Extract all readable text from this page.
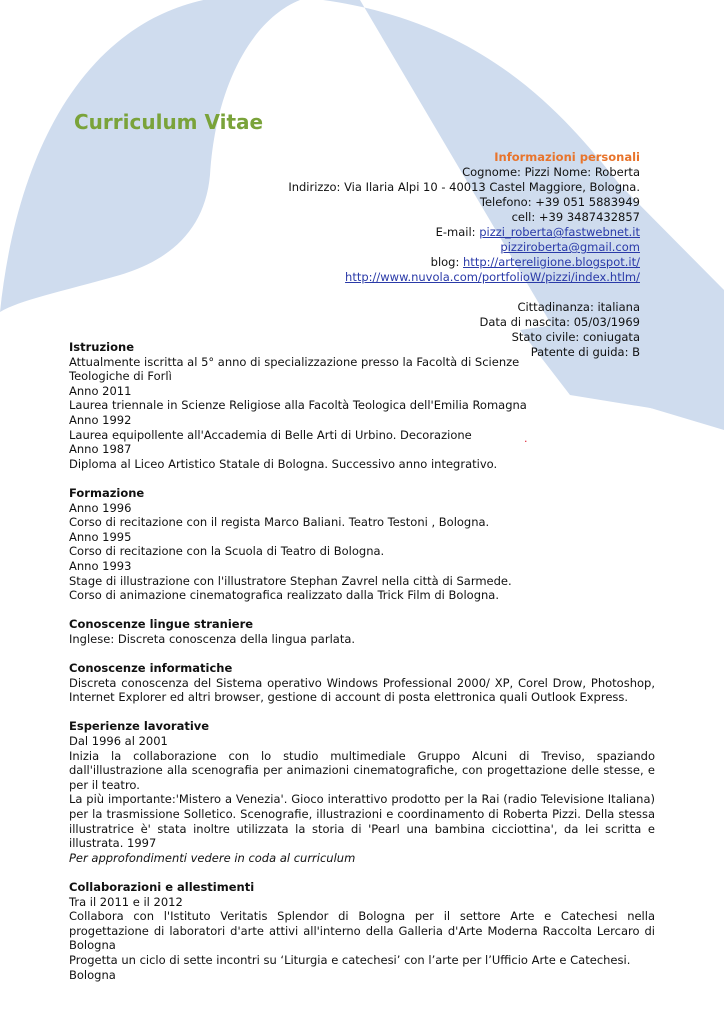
Curriculum Vitae
Informazioni personali
Cognome: Pizzi Nome: Roberta
Indirizzo: Via Ilaria Alpi 10 - 40013 Castel Maggiore, Bologna.
Telefono: +39 051 5883949
cell: +39 3487432857
E-mail: pizzi_roberta@fastwebnet.it
pizziroberta@gmail.com
blog: http://artereligione.blogspot.it/
http://www.nuvola.com/portfolioW/pizzi/index.htlm/
Cittadinanza: italiana
Data di nascita: 05/03/1969
Stato civile: coniugata
Patente di guida: B
.
Istruzione

Attualmente iscritta al 5° anno di specializzazione presso la Facoltà di Scienze

Teologiche di Forlì

Anno 2011

Laurea triennale in Scienze Religiose alla Facoltà Teologica dell'Emilia Romagna

Anno 1992

Laurea equipollente all'Accademia di Belle Arti di Urbino. Decorazione

Anno 1987

Diploma al Liceo Artistico Statale di Bologna. Successivo anno integrativo.

Formazione

Anno 1996

Corso di recitazione con il regista Marco Baliani. Teatro Testoni , Bologna.

Anno 1995

Corso di recitazione con la Scuola di Teatro di Bologna.

Anno 1993

Stage di illustrazione con l'illustratore Stephan Zavrel nella città di Sarmede.

Corso di animazione cinematografica realizzato dalla Trick Film di Bologna.

Conoscenze lingue straniere

Inglese: Discreta conoscenza della lingua parlata.

Conoscenze informatiche

Discreta conoscenza del Sistema operativo Windows Professional 2000/ XP, Corel Drow, Photoshop, Internet Explorer ed altri browser, gestione di account di posta elettronica quali Outlook Express.

Esperienze lavorative

Dal 1996 al 2001

Inizia la collaborazione con lo studio multimediale Gruppo Alcuni di Treviso, spaziando dall'illustrazione alla scenografia per animazioni cinematografiche, con progettazione delle stesse, e per il teatro.

La più importante:'Mistero a Venezia'. Gioco interattivo prodotto per la Rai (radio Televisione Italiana) per la trasmissione Solletico. Scenografie, illustrazioni e coordinamento di Roberta Pizzi. Della stessa illustratrice è' stata inoltre utilizzata la storia di 'Pearl una bambina cicciottina', da lei scritta e illustrata. 1997

Per approfondimenti vedere in coda al curriculum

Collaborazioni e allestimenti

Tra il 2011 e il 2012

Collabora con l'Istituto Veritatis Splendor di Bologna per il settore Arte e Catechesi nella progettazione di laboratori d'arte attivi all'interno della Galleria d'Arte Moderna Raccolta Lercaro di Bologna

Progetta un ciclo di sette incontri su ‘Liturgia e catechesi’ con l’arte per l’Ufficio Arte e Catechesi. Bologna
